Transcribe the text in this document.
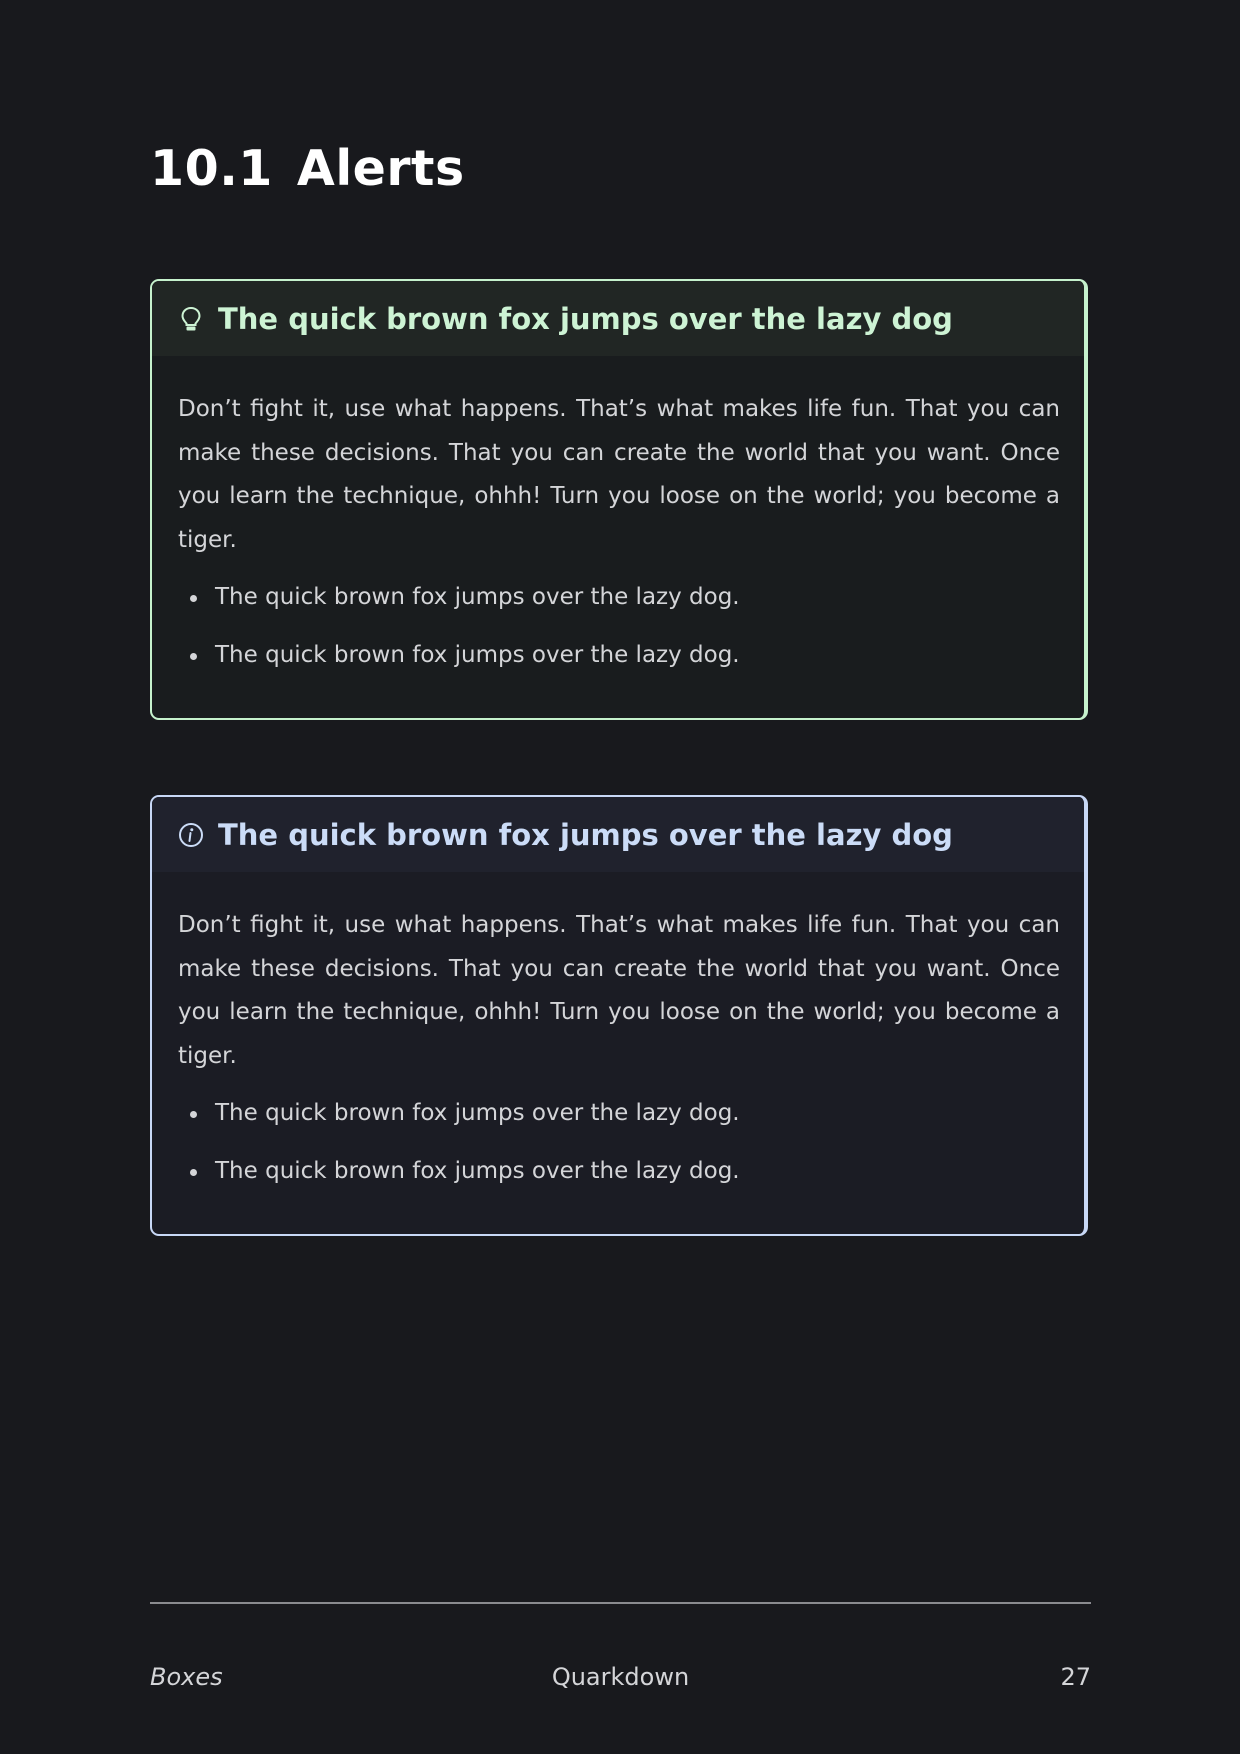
10.1 Alerts
The quick brown fox jumps over the lazy dog

Don’t fight it, use what happens. That’s what makes life fun. That you can make these decisions. That you can create the world that you want. Once you learn the technique, ohhh! Turn you loose on the world; you become a tiger.

The quick brown fox jumps over the lazy dog.
The quick brown fox jumps over the lazy dog.
The quick brown fox jumps over the lazy dog

Don’t fight it, use what happens. That’s what makes life fun. That you can make these decisions. That you can create the world that you want. Once you learn the technique, ohhh! Turn you loose on the world; you become a tiger.

The quick brown fox jumps over the lazy dog.
The quick brown fox jumps over the lazy dog.
Boxes	Quarkdown	27
